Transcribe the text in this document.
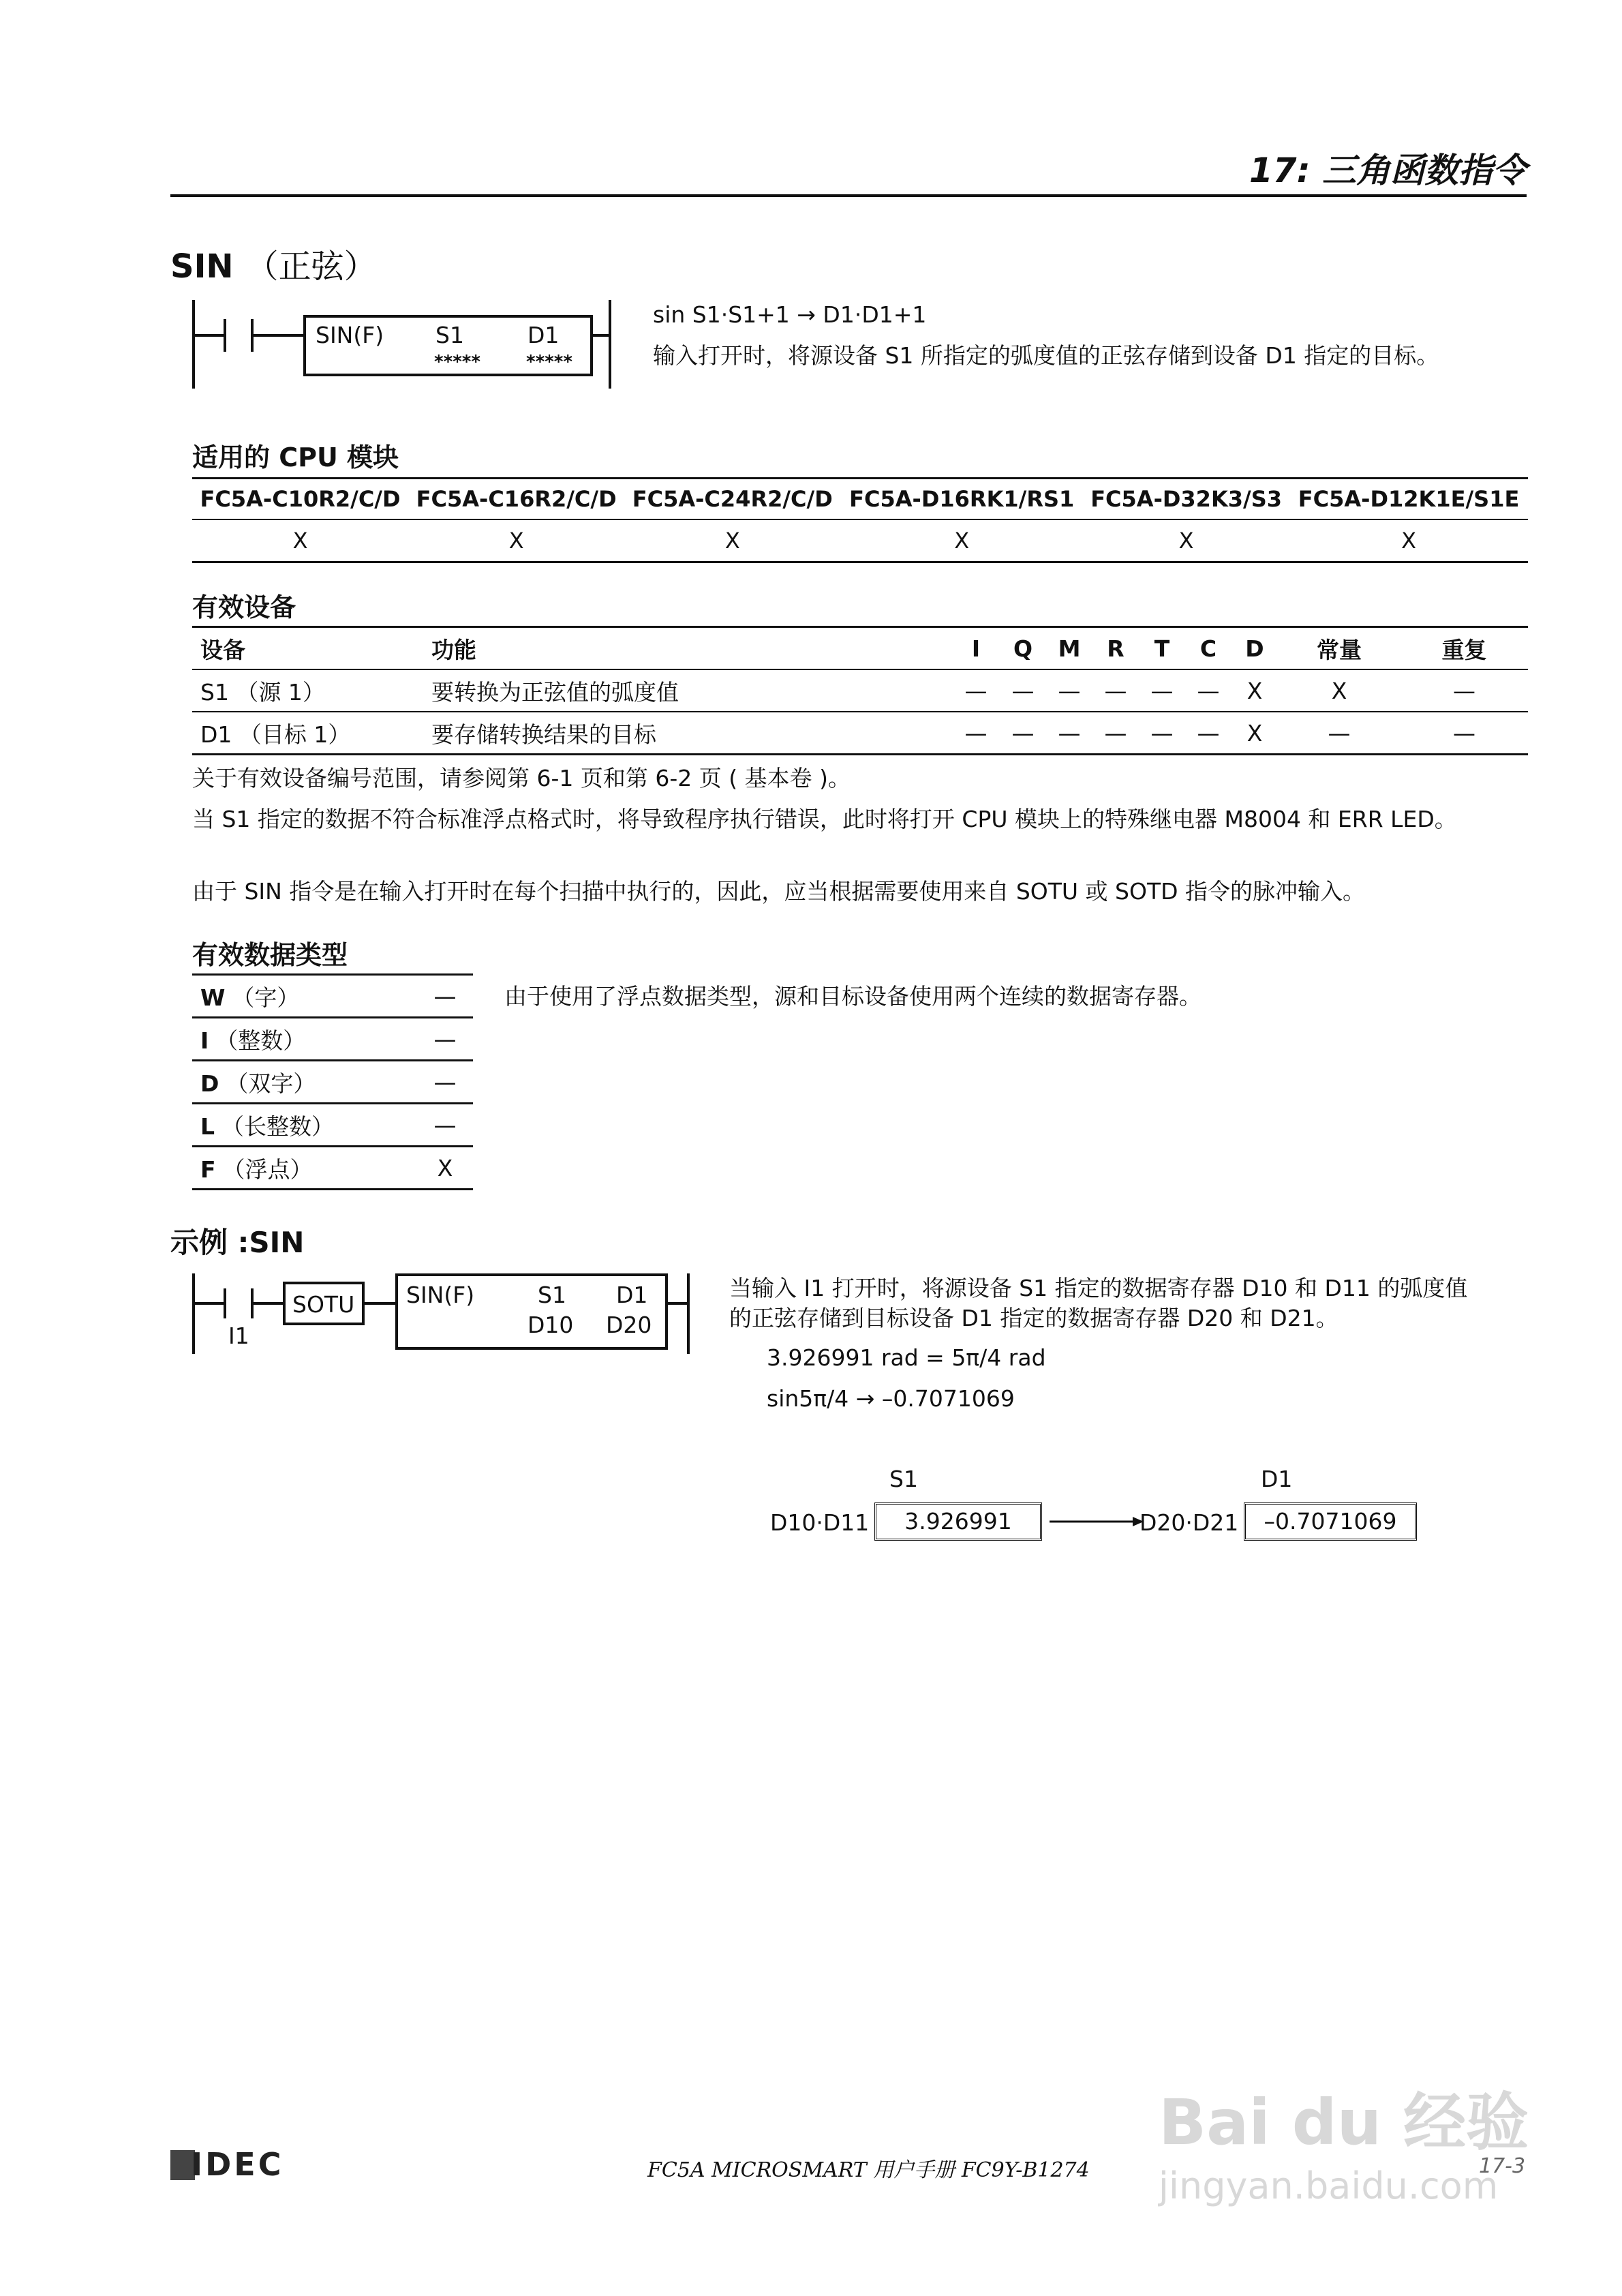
17: 三角函数指令
SIN （正弦）
SIN(F) S1	D1
*****	*****
sin S1·S1+1 → D1·D1+1
输入打开时，将源设备 S1 所指定的弧度值的正弦存储到设备 D1 指定的目标。
适用的 CPU 模块
FC5A-C10R2/C/D	FC5A-C16R2/C/D	FC5A-C24R2/C/D	FC5A-D16RK1/RS1	FC5A-D32K3/S3	FC5A-D12K1E/S1E
X	X	X	X	X	X
有效设备
设备	功能	I	Q	M	R	T	C	D	常量	重复
S1 （源 1）	要转换为正弦值的弧度值	—	—	—	—	—	—	X	X	—
D1 （目标 1）	要存储转换结果的目标	—	—	—	—	—	—	X	—	—
关于有效设备编号范围，请参阅第 6-1 页和第 6-2 页 ( 基本卷 )。
当 S1 指定的数据不符合标准浮点格式时，将导致程序执行错误，此时将打开 CPU 模块上的特殊继电器 M8004 和 ERR LED。
由于 SIN 指令是在输入打开时在每个扫描中执行的，因此，应当根据需要使用来自 SOTU 或 SOTD 指令的脉冲输入。
有效数据类型
W （字）	—
I （整数）	—
D （双字）	—
L （长整数）	—
F （浮点）	X
由于使用了浮点数据类型，源和目标设备使用两个连续的数据寄存器。
示例 :SIN
I1
SOTU SIN(F)	S1 D1
D10 D20
当输入 I1 打开时，将源设备 S1 指定的数据寄存器 D10 和 D11 的弧度值
的正弦存储到目标设备 D1 指定的数据寄存器 D20 和 D21。
3.926991 rad = 5π/4 rad
sin5π/4 → –0.7071069
S1	D1
D10·D11	3.926991	D20·D21	–0.7071069
IDEC	FC5A MICROSMART 用户手册 FC9Y-B1274	17-3
Bai du 经验
jingyan.baidu.com
